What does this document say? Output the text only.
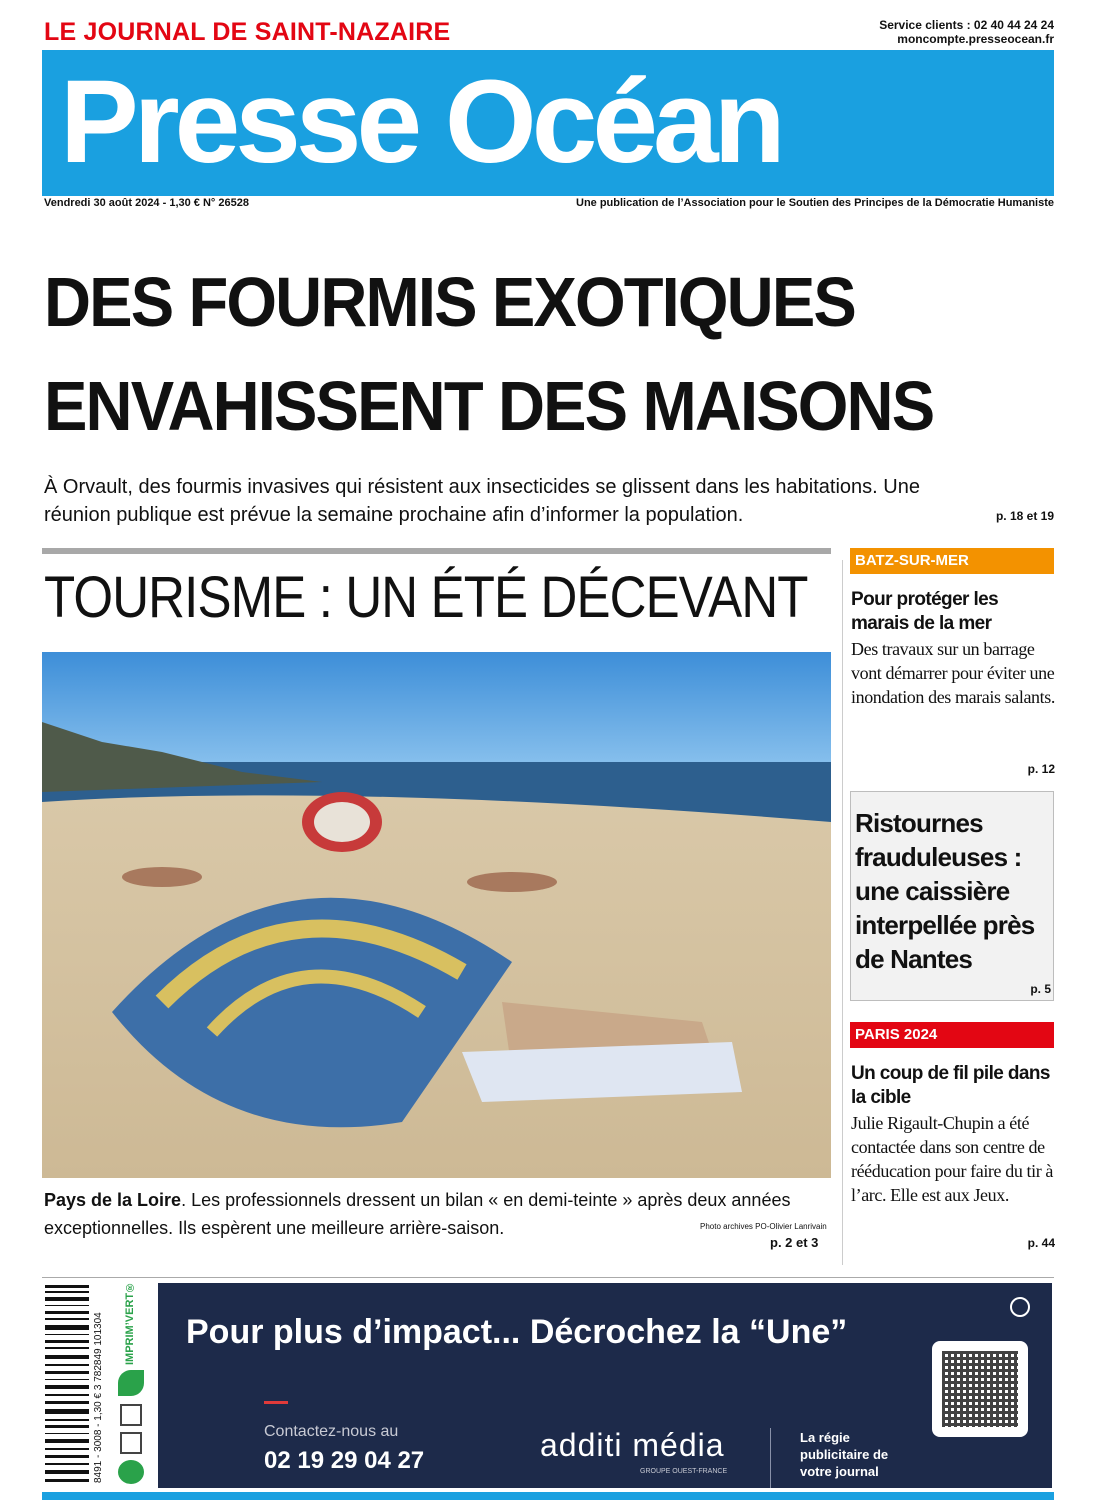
LE JOURNAL DE SAINT-NAZAIRE	Service clients : 02 40 44 24 24
moncompte.presseocean.fr
Presse Océan
Vendredi 30 août 2024 - 1,30 € N° 26528	Une publication de l’Association pour le Soutien des Principes de la Démocratie Humaniste
DES FOURMIS EXOTIQUES
ENVAHISSENT DES MAISONS
À Orvault, des fourmis invasives qui résistent aux insecticides se glissent dans les habitations. Une réunion publique est prévue la semaine prochaine afin d’informer la population.	p. 18 et 19
TOURISME : UN ÉTÉ DÉCEVANT
Pays de la Loire. Les professionnels dressent un bilan « en demi-teinte » après deux années exceptionnelles. Ils espèrent une meilleure arrière-saison.	Photo archives PO-Olivier Lanrivain
p. 2 et 3
BATZ-SUR-MER
Pour protéger les marais de la mer
Des travaux sur un barrage vont démarrer pour éviter une inondation des marais salants.
p. 12
Ristournes frauduleuses : une caissière interpellée près de Nantes
p. 5
PARIS 2024
Un coup de fil pile dans la cible
Julie Rigault-Chupin a été contactée dans son centre de rééducation pour faire du tir à l’arc. Elle est aux Jeux.
p. 44
8491 - 3008 - 1,30 € 3 782849 101304	IMPRIM’VERT® Pour plus d’impact... Décrochez la “Une”
Contactez-nous au
02 19 29 04 27	additi média
GROUPE OUEST-FRANCE
La régie publicitaire de votre journal
